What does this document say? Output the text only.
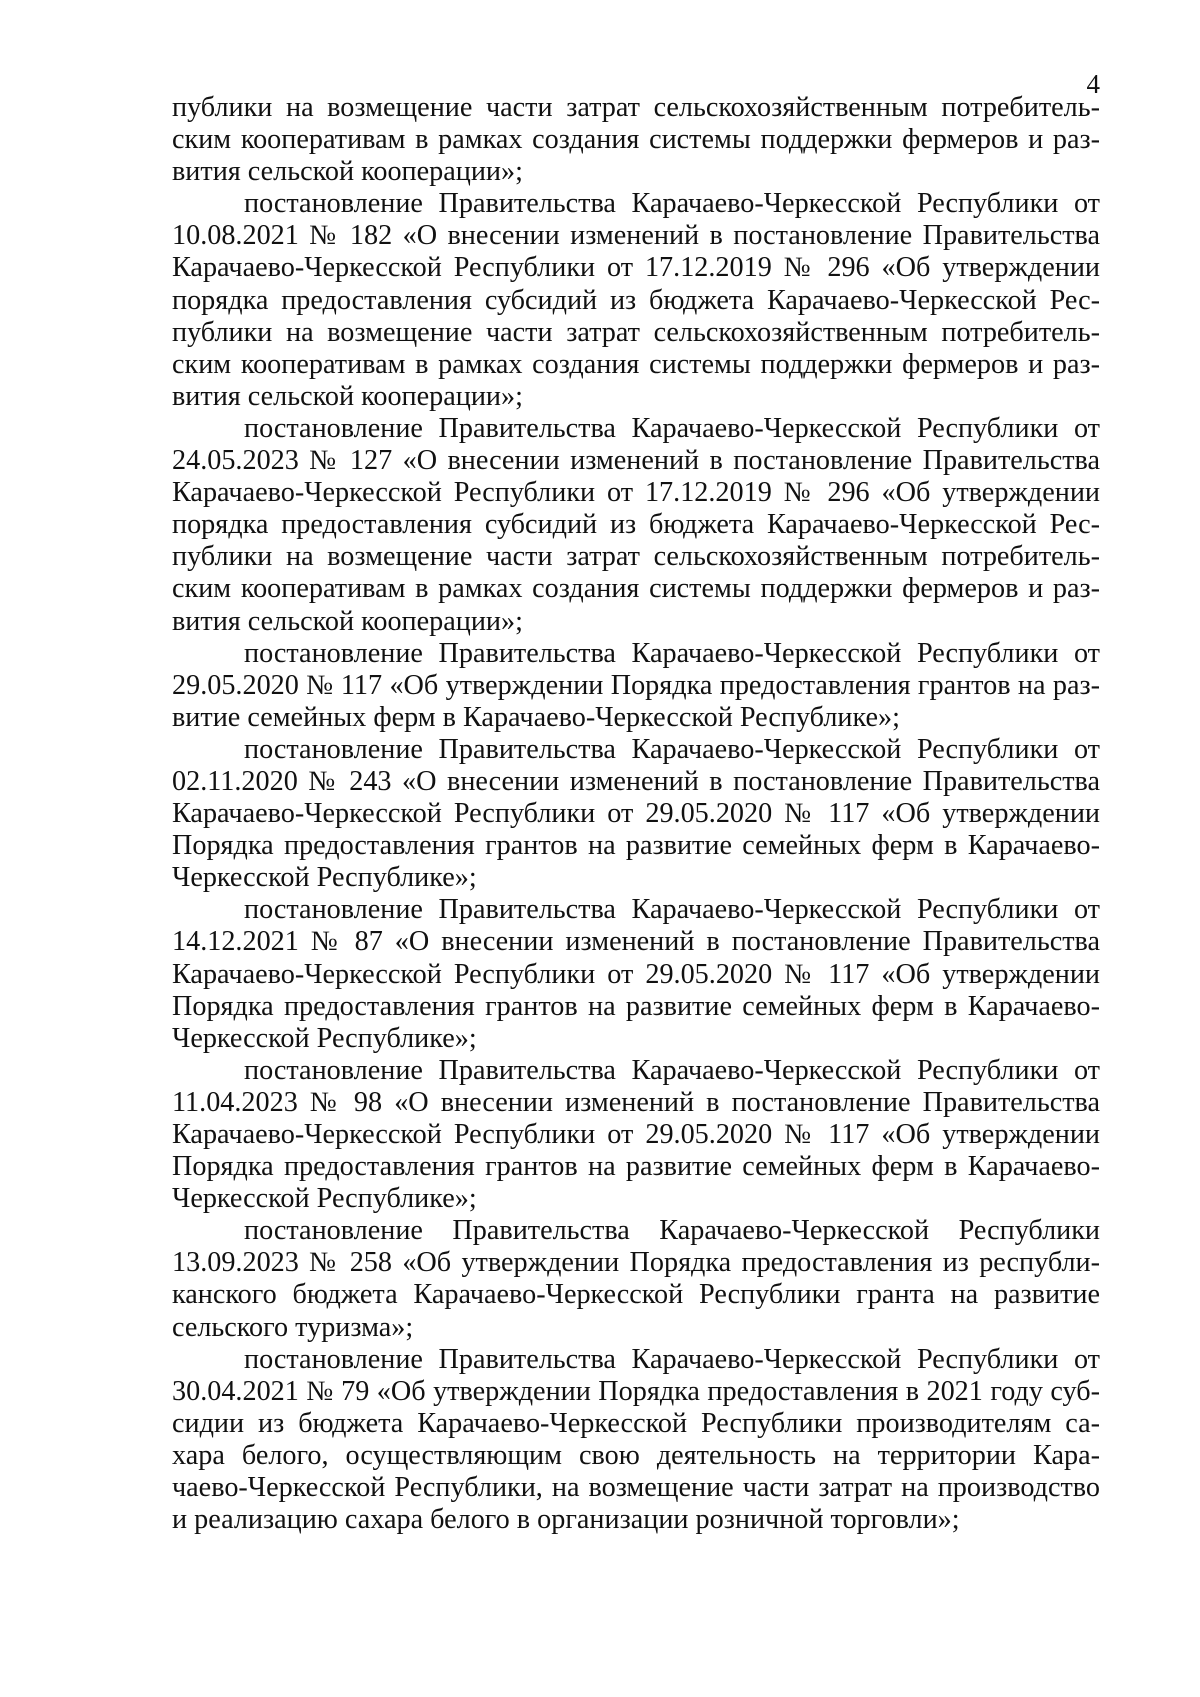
4
публики на возмещение части затрат сельскохозяйственным потребитель-
ским кооперативам в рамках создания системы поддержки фермеров и раз-
вития сельской кооперации»;
постановление Правительства Карачаево-Черкесской Республики от
10.08.2021 № 182 «О внесении изменений в постановление Правительства
Карачаево-Черкесской Республики от 17.12.2019 № 296 «Об утверждении
порядка предоставления субсидий из бюджета Карачаево-Черкесской Рес-
публики на возмещение части затрат сельскохозяйственным потребитель-
ским кооперативам в рамках создания системы поддержки фермеров и раз-
вития сельской кооперации»;
постановление Правительства Карачаево-Черкесской Республики от
24.05.2023 № 127 «О внесении изменений в постановление Правительства
Карачаево-Черкесской Республики от 17.12.2019 № 296 «Об утверждении
порядка предоставления субсидий из бюджета Карачаево-Черкесской Рес-
публики на возмещение части затрат сельскохозяйственным потребитель-
ским кооперативам в рамках создания системы поддержки фермеров и раз-
вития сельской кооперации»;
постановление Правительства Карачаево-Черкесской Республики от
29.05.2020 № 117 «Об утверждении Порядка предоставления грантов на раз-
витие семейных ферм в Карачаево-Черкесской Республике»;
постановление Правительства Карачаево-Черкесской Республики от
02.11.2020 № 243 «О внесении изменений в постановление Правительства
Карачаево-Черкесской Республики от 29.05.2020 № 117 «Об утверждении
Порядка предоставления грантов на развитие семейных ферм в Карачаево-
Черкесской Республике»;
постановление Правительства Карачаево-Черкесской Республики от
14.12.2021 № 87 «О внесении изменений в постановление Правительства
Карачаево-Черкесской Республики от 29.05.2020 № 117 «Об утверждении
Порядка предоставления грантов на развитие семейных ферм в Карачаево-
Черкесской Республике»;
постановление Правительства Карачаево-Черкесской Республики от
11.04.2023 № 98 «О внесении изменений в постановление Правительства
Карачаево-Черкесской Республики от 29.05.2020 № 117 «Об утверждении
Порядка предоставления грантов на развитие семейных ферм в Карачаево-
Черкесской Республике»;
постановление Правительства Карачаево-Черкесской Республики
13.09.2023 № 258 «Об утверждении Порядка предоставления из республи-
канского бюджета Карачаево-Черкесской Республики гранта на развитие
сельского туризма»;
постановление Правительства Карачаево-Черкесской Республики от
30.04.2021 № 79 «Об утверждении Порядка предоставления в 2021 году суб-
сидии из бюджета Карачаево-Черкесской Республики производителям са-
хара белого, осуществляющим свою деятельность на территории Кара-
чаево-Черкесской Республики, на возмещение части затрат на производство
и реализацию сахара белого в организации розничной торговли»;
